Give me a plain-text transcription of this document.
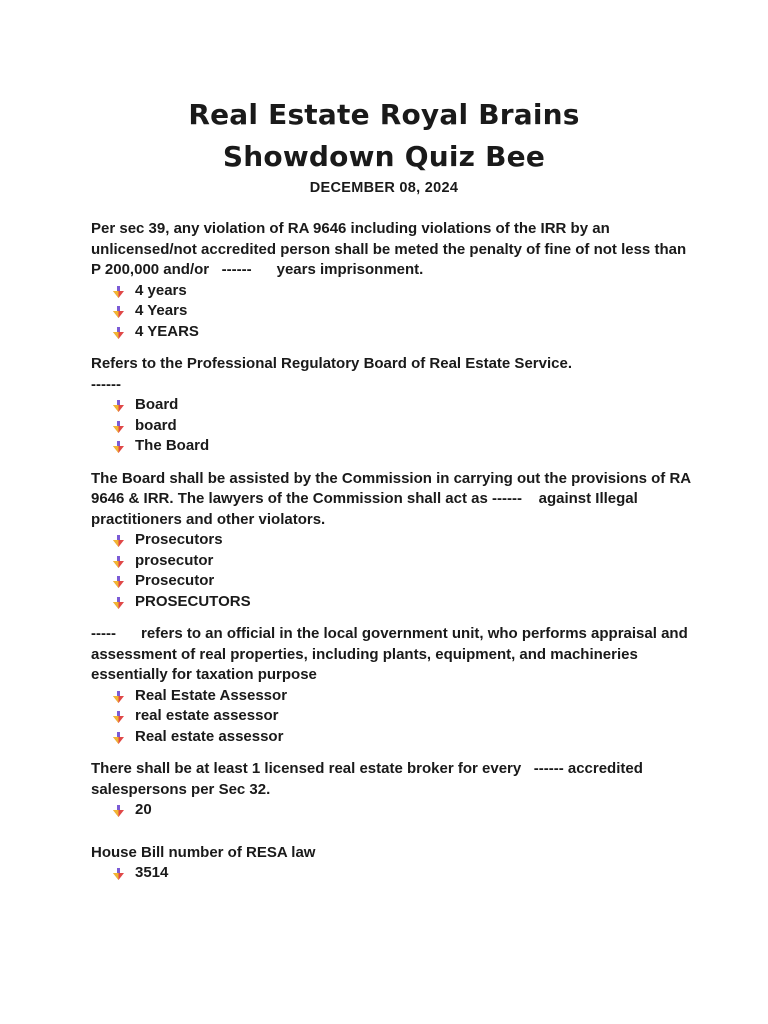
Real Estate Royal Brains
Showdown Quiz Bee
DECEMBER 08, 2024

Per sec 39, any violation of RA 9646 including violations of the IRR by an unlicensed/not accredited person shall be meted the penalty of fine of not less than P 200,000 and/or   ------      years imprisonment.

4 years
4 Years
4 YEARS

Refers to the Professional Regulatory Board of Real Estate Service.
------

Board
board
The Board

The Board shall be assisted by the Commission in carrying out the provisions of RA 9646 & IRR. The lawyers of the Commission shall act as ------    against Illegal practitioners and other violators.

Prosecutors
prosecutor
Prosecutor
PROSECUTORS

-----      refers to an official in the local government unit, who performs appraisal and assessment of real properties, including plants, equipment, and machineries essentially for taxation purpose

Real Estate Assessor
real estate assessor
Real estate assessor

There shall be at least 1 licensed real estate broker for every   ------ accredited salespersons per Sec 32.

20

House Bill number of RESA law

3514
